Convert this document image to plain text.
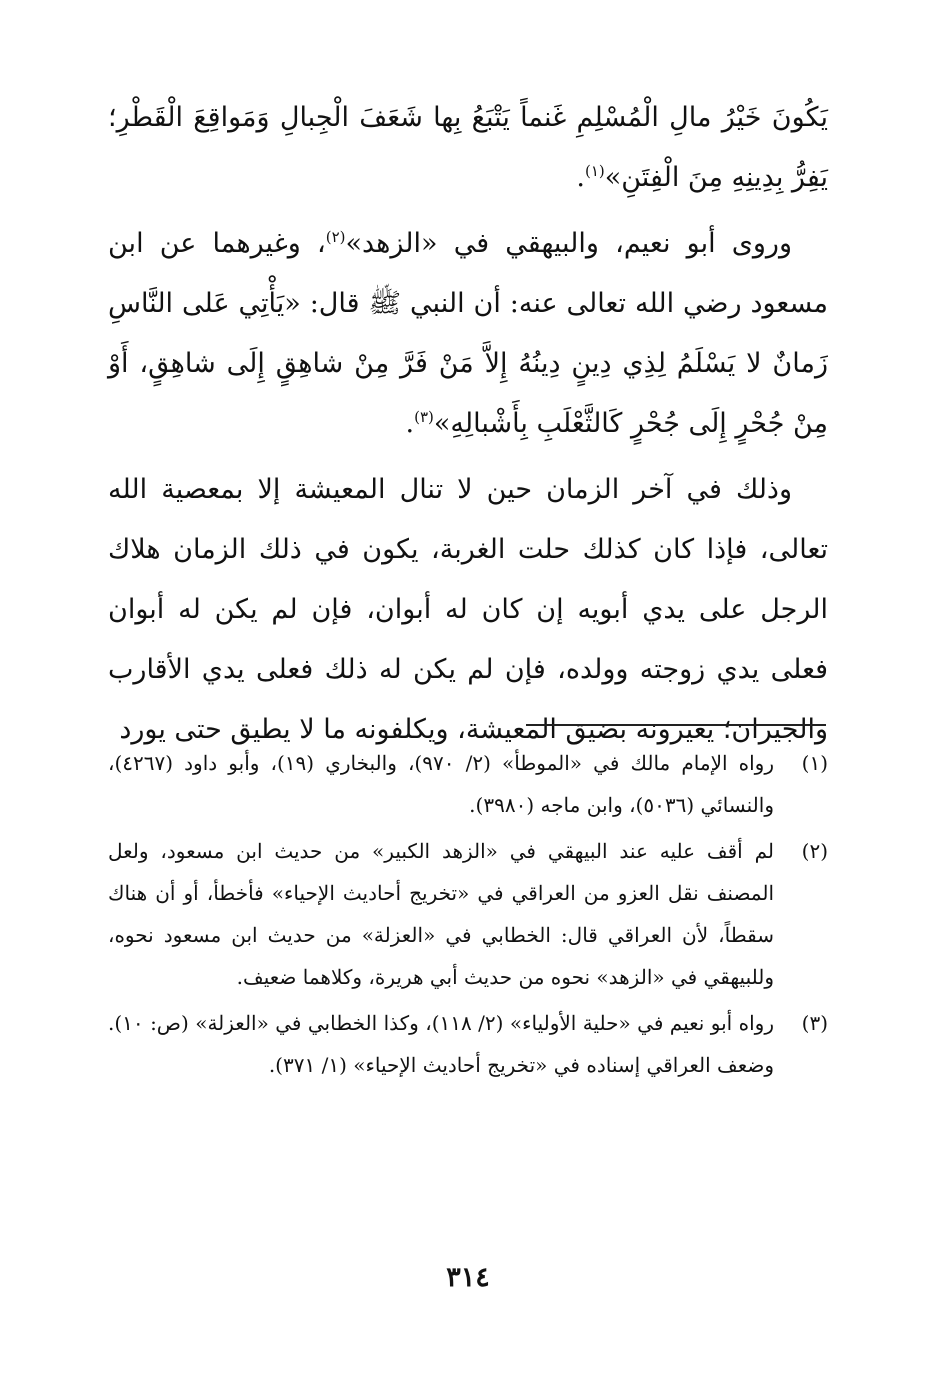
يَكُونَ خَيْرُ مالِ الْمُسْلِمِ غَنماً يَتْبَعُ بِها شَعَفَ الْجِبالِ وَمَواقِعَ الْقَطْرِ؛ يَفِرُّ بِدِينِهِ مِنَ الْفِتَنِ»$^{(١)}$.

وروى أبو نعيم، والبيهقي في «الزهد»$^{(٢)}$، وغيرهما عن ابن مسعود رضي الله تعالى عنه: أن النبي ﷺ قال: «يَأْتِي عَلى النَّاسِ زَمانٌ لا يَسْلَمُ لِذِي دِينٍ دِينُهُ إِلاَّ مَنْ فَرَّ مِنْ شاهِقٍ إِلَى شاهِقٍ، أَوْ مِنْ جُحْرٍ إِلَى جُحْرٍ كَالثَّعْلَبِ بِأَشْبالِهِ»$^{(٣)}$.

وذلك في آخر الزمان حين لا تنال المعيشة إلا بمعصية الله تعالى، فإذا كان كذلك حلت الغربة، يكون في ذلك الزمان هلاك الرجل على يدي أبويه إن كان له أبوان، فإن لم يكن له أبوان فعلى يدي زوجته وولده، فإن لم يكن له ذلك فعلى يدي الأقارب والجيران؛ يعيرونه بضيق المعيشة، ويكلفونه ما لا يطيق حتى يورد

(١)
رواه الإمام مالك في «الموطأ» (٢/ ٩٧٠)، والبخاري (١٩)، وأبو داود (٤٢٦٧)، والنسائي (٥٠٣٦)، وابن ماجه (٣٩٨٠).
(٢)
لم أقف عليه عند البيهقي في «الزهد الكبير» من حديث ابن مسعود، ولعل المصنف نقل العزو من العراقي في «تخريج أحاديث الإحياء» فأخطأ، أو أن هناك سقطاً، لأن العراقي قال: الخطابي في «العزلة» من حديث ابن مسعود نحوه، وللبيهقي في «الزهد» نحوه من حديث أبي هريرة، وكلاهما ضعيف.
(٣)
رواه أبو نعيم في «حلية الأولياء» (٢/ ١١٨)، وكذا الخطابي في «العزلة» (ص: ١٠). وضعف العراقي إسناده في «تخريج أحاديث الإحياء» (١/ ٣٧١).
٣١٤
